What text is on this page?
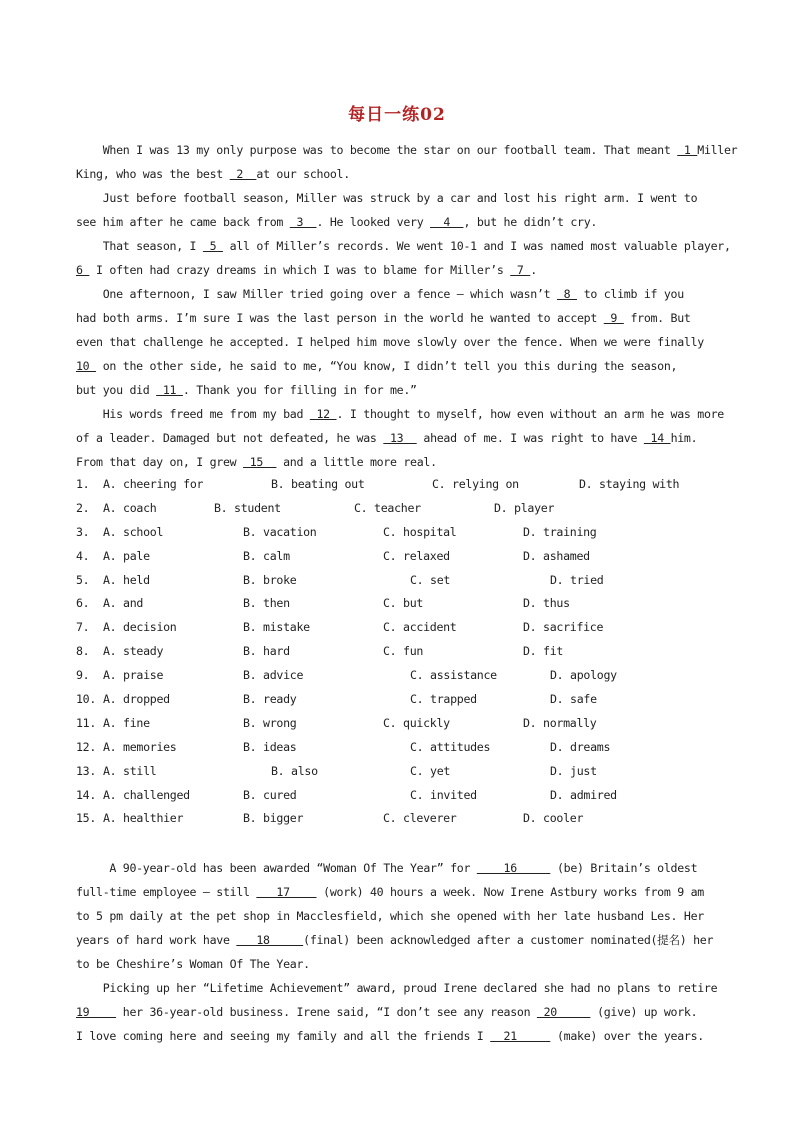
每日一练02
When I was 13 my only purpose was to become the star on our football team. That meant 1 Miller
King, who was the best 2 at our school.
Just before football season, Miller was struck by a car and lost his right arm. I went to
see him after he came back from 3 . He looked very 4 , but he didn’t cry.
That season, I 5 all of Miller’s records. We went 10-1 and I was named most valuable player,
6 I often had crazy dreams in which I was to blame for Miller’s 7 .
One afternoon, I saw Miller tried going over a fence — which wasn’t 8 to climb if you
had both arms. I’m sure I was the last person in the world he wanted to accept 9 from. But
even that challenge he accepted. I helped him move slowly over the fence. When we were finally
10 on the other side, he said to me, “You know, I didn’t tell you this during the season,
but you did 11 . Thank you for filling in for me.”
His words freed me from my bad 12 . I thought to myself, how even without an arm he was more
of a leader. Damaged but not defeated, he was 13 ahead of me. I was right to have 14 him.
From that day on, I grew 15 and a little more real.
1. A. cheering for	B. beating out	C. relying on	D. staying with
2. A. coach	B. student	C. teacher	D. player
3. A. school	B. vacation	C. hospital	D. training
4. A. pale	B. calm	C. relaxed	D. ashamed
5. A. held	B. broke	C. set	D. tried
6. A. and	B. then	C. but	D. thus
7. A. decision	B. mistake	C. accident	D. sacrifice
8. A. steady	B. hard	C. fun	D. fit
9. A. praise	B. advice	C. assistance	D. apology
10. A. dropped	B. ready	C. trapped	D. safe
11. A. fine	B. wrong	C. quickly	D. normally
12. A. memories	B. ideas	C. attitudes	D. dreams
13. A. still	B. also	C. yet	D. just
14. A. challenged	B. cured	C. invited	D. admired
15. A. healthier	B. bigger	C. cleverer	D. cooler
A 90-year-old has been awarded “Woman Of The Year” for 16 (be) Britain’s oldest
full-time employee — still 17 (work) 40 hours a week. Now Irene Astbury works from 9 am
to 5 pm daily at the pet shop in Macclesfield, which she opened with her late husband Les. Her
years of hard work have 18 (final) been acknowledged after a customer nominated(提名) her
to be Cheshire’s Woman Of The Year.
Picking up her “Lifetime Achievement” award, proud Irene declared she had no plans to retire
19 her 36-year-old business. Irene said, “I don’t see any reason 20 (give) up work.
I love coming here and seeing my family and all the friends I 21 (make) over the years.
